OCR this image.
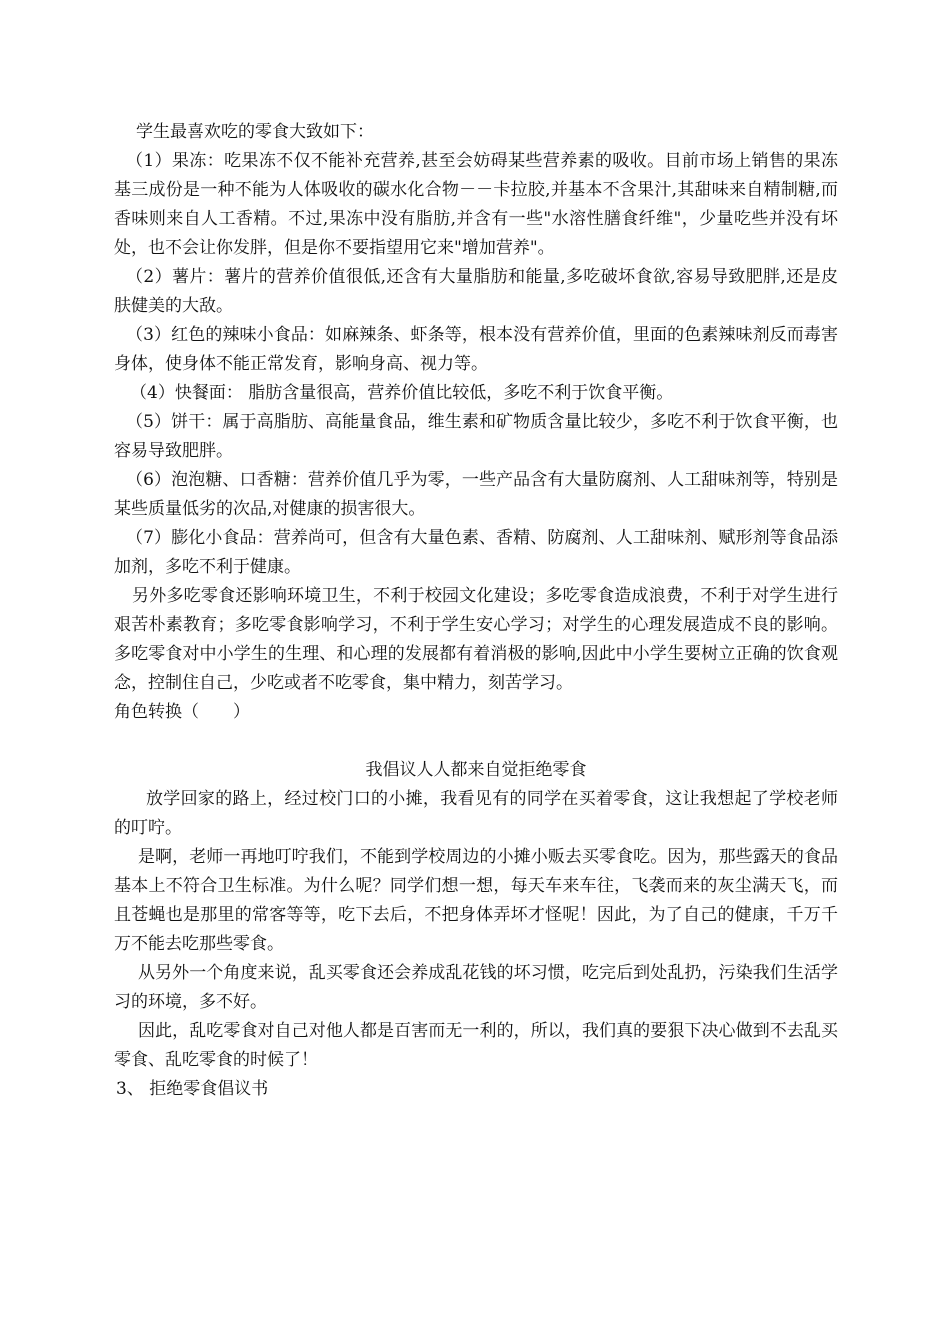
学生最喜欢吃的零食大致如下：

（1）果冻：吃果冻不仅不能补充营养,甚至会妨碍某些营养素的吸收。目前市场上销售的果冻基三成份是一种不能为人体吸收的碳水化合物－－卡拉胶,并基本不含果汁,其甜味来自精制糖,而香味则来自人工香精。不过,果冻中没有脂肪,并含有一些"水溶性膳食纤维"，少量吃些并没有坏处，也不会让你发胖，但是你不要指望用它来"增加营养"。

（2）薯片：薯片的营养价值很低,还含有大量脂肪和能量,多吃破坏食欲,容易导致肥胖,还是皮肤健美的大敌。

（3）红色的辣味小食品：如麻辣条、虾条等，根本没有营养价值，里面的色素辣味剂反而毒害身体，使身体不能正常发育，影响身高、视力等。

（4）快餐面： 脂肪含量很高，营养价值比较低，多吃不利于饮食平衡。

（5）饼干：属于高脂肪、高能量食品，维生素和矿物质含量比较少，多吃不利于饮食平衡，也容易导致肥胖。

（6）泡泡糖、口香糖：营养价值几乎为零，一些产品含有大量防腐剂、人工甜味剂等，特别是某些质量低劣的次品,对健康的损害很大。

（7）膨化小食品：营养尚可，但含有大量色素、香精、防腐剂、人工甜味剂、赋形剂等食品添加剂，多吃不利于健康。

另外多吃零食还影响环境卫生，不利于校园文化建设；多吃零食造成浪费，不利于对学生进行艰苦朴素教育；多吃零食影响学习，不利于学生安心学习；对学生的心理发展造成不良的影响。多吃零食对中小学生的生理、和心理的发展都有着消极的影响,因此中小学生要树立正确的饮食观念，控制住自己，少吃或者不吃零食，集中精力，刻苦学习。

角色转换（　　）

我倡议人人都来自觉拒绝零食

放学回家的路上，经过校门口的小摊，我看见有的同学在买着零食，这让我想起了学校老师的叮咛。

是啊，老师一再地叮咛我们，不能到学校周边的小摊小贩去买零食吃。因为，那些露天的食品基本上不符合卫生标准。为什么呢？同学们想一想，每天车来车往，飞袭而来的灰尘满天飞，而且苍蝇也是那里的常客等等，吃下去后，不把身体弄坏才怪呢！因此，为了自己的健康，千万千万不能去吃那些零食。

从另外一个角度来说，乱买零食还会养成乱花钱的坏习惯，吃完后到处乱扔，污染我们生活学习的环境，多不好。

因此，乱吃零食对自己对他人都是百害而无一利的，所以，我们真的要狠下决心做到不去乱买零食、乱吃零食的时候了！

3、 拒绝零食倡议书
